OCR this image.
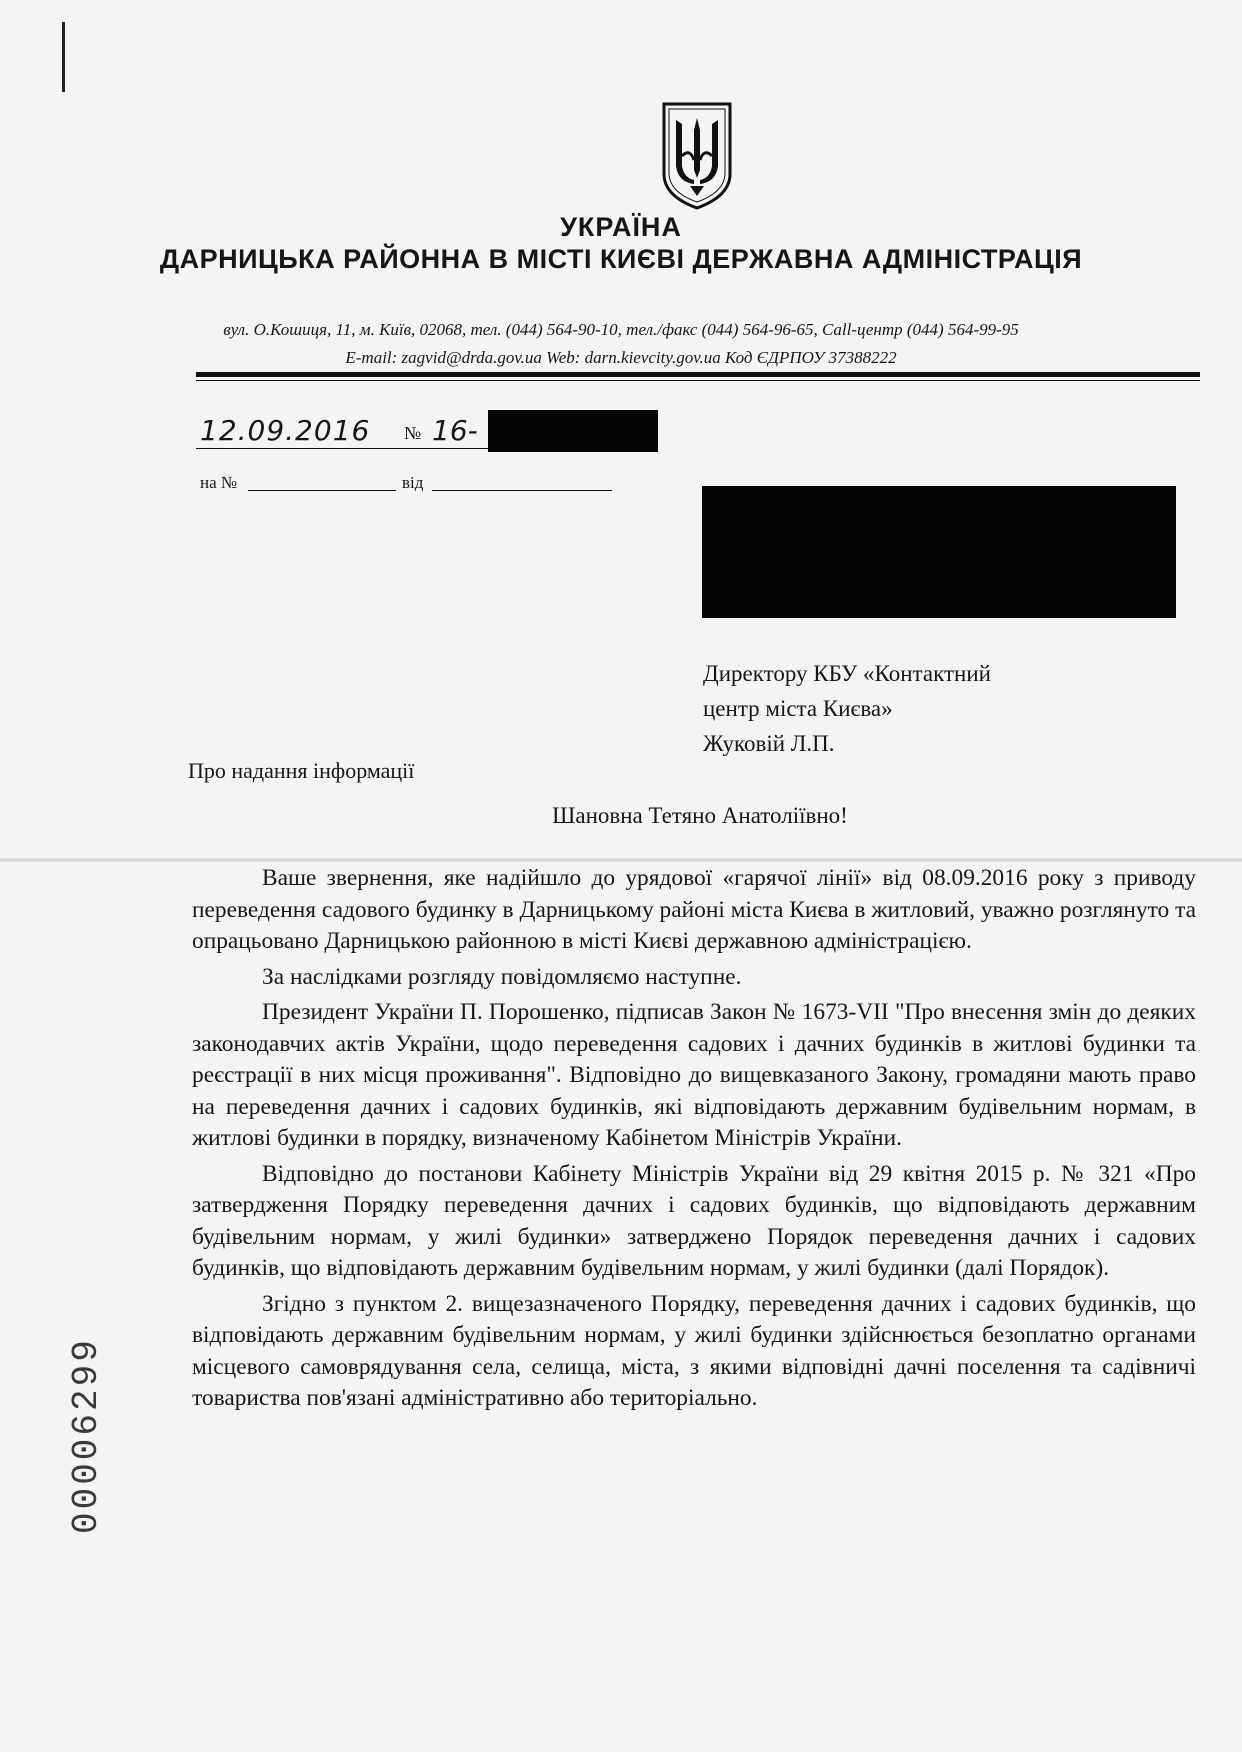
УКРАЇНА
ДАРНИЦЬКА РАЙОННА В МІСТІ КИЄВІ ДЕРЖАВНА АДМІНІСТРАЦІЯ
вул. О.Кошиця, 11, м. Київ, 02068, тел. (044) 564-90-10, тел./факс (044) 564-96-65, Call-центр (044) 564-99-95
E-mail: zagvid@drda.gov.ua Web: darn.kievcity.gov.ua Код ЄДРПОУ 37388222
12.09.2016 № 16-
на №	від
Директору КБУ «Контактний
центр міста Києва»
Жуковій Л.П.
Про надання інформації
Шановна Тетяно Анатоліївно!

Ваше звернення, яке надійшло до урядової «гарячої лінії» від 08.09.2016 року з приводу переведення садового будинку в Дарницькому районі міста Києва в житловий, уважно розглянуто та опрацьовано Дарницькою районною в місті Києві державною адміністрацією.

За наслідками розгляду повідомляємо наступне.

Президент України П. Порошенко, підписав Закон № 1673-VII "Про внесення змін до деяких законодавчих актів України, щодо переведення садових і дачних будинків в житлові будинки та реєстрації в них місця проживання". Відповідно до вищевказаного Закону, громадяни мають право на переведення дачних і садових будинків, які відповідають державним будівельним нормам, в житлові будинки в порядку, визначеному Кабінетом Міністрів України.

Відповідно до постанови Кабінету Міністрів України від 29 квітня 2015 р. № 321 «Про затвердження Порядку переведення дачних і садових будинків, що відповідають державним будівельним нормам, у жилі будинки» затверджено Порядок переведення дачних і садових будинків, що відповідають державним будівельним нормам, у жилі будинки (далі Порядок).

Згідно з пунктом 2. вищезазначеного Порядку, переведення дачних і садових будинків, що відповідають державним будівельним нормам, у жилі будинки здійснюється безоплатно органами місцевого самоврядування села, селища, міста, з якими відповідні дачні поселення та садівничі товариства пов'язані адміністративно або територіально.

00006299
